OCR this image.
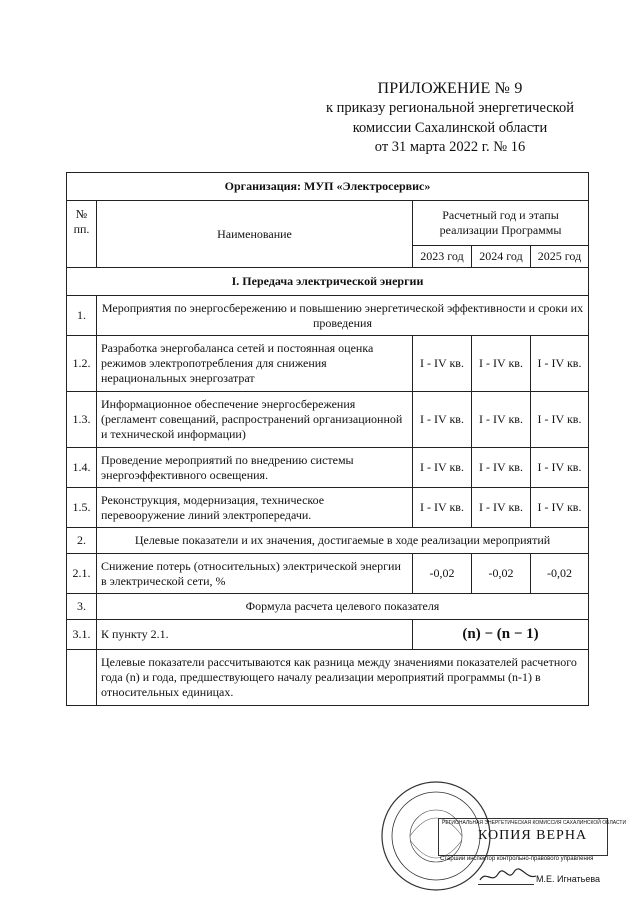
ПРИЛОЖЕНИЕ № 9
к приказу региональной энергетической
комиссии Сахалинской области
от 31 марта 2022 г. № 16
Организация: МУП «Электросервис»				
№ пп.	Наименование	Расчетный год и этапы реализации Программы		
		2023 год	2024 год	2025 год
I. Передача электрической энергии				
1.	Мероприятия по энергосбережению и повышению энергетической эффективности и сроки их проведения			
1.2.	Разработка энергобаланса сетей и постоянная оценка режимов электропотребления для снижения нерациональных энергозатрат	I - IV кв.	I - IV кв.	I - IV кв.
1.3.	Информационное обеспечение энергосбережения (регламент совещаний, распространений организационной и технической информации)	I - IV кв.	I - IV кв.	I - IV кв.
1.4.	Проведение мероприятий по внедрению системы энергоэффективного освещения.	I - IV кв.	I - IV кв.	I - IV кв.
1.5.	Реконструкция, модернизация, техническое перевооружение линий электропередачи.	I - IV кв.	I - IV кв.	I - IV кв.
2.	Целевые показатели и их значения, достигаемые в ходе реализации мероприятий			
2.1.	Снижение потерь (относительных) электрической энергии в электрической сети, %	-0,02	-0,02	-0,02
3.	Формула расчета целевого показателя			
3.1.	К пункту 2.1.	(n) − (n − 1)		
	Целевые показатели рассчитываются как разница между значениями показателей расчетного года (n) и года, предшествующего началу реализации мероприятий программы (n-1) в относительных единицах.			
РЕГИОНАЛЬНАЯ ЭНЕРГЕТИЧЕСКАЯ КОМИССИЯ САХАЛИНСКОЙ ОБЛАСТИ
КОПИЯ ВЕРНА
Старший инспектор контрольно-правового управления
М.Е. Игнатьева
